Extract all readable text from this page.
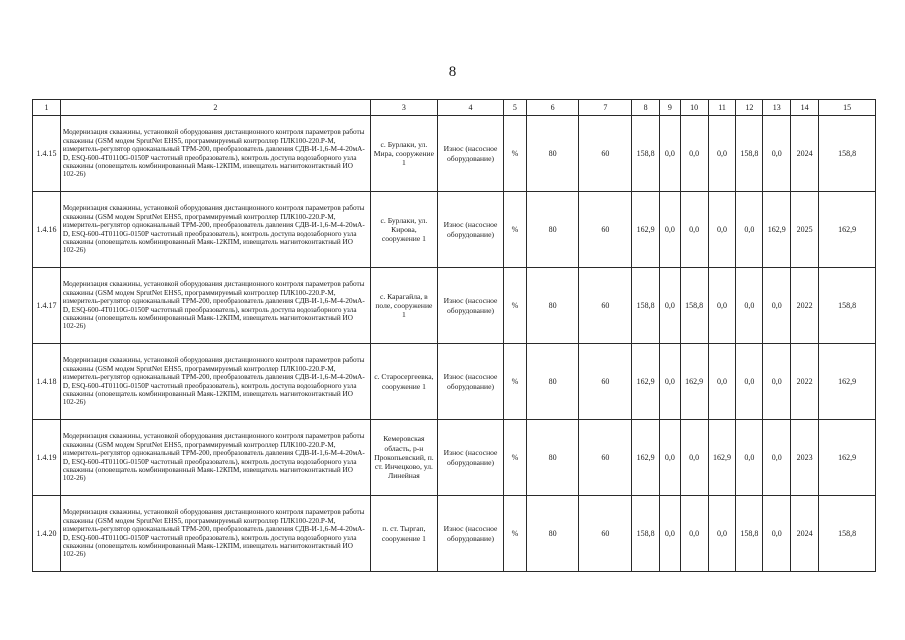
8
1	2	3	4	5	6	7	8	9	10	11	12	13	14	15
1.4.15	Модернизация скважины, установкой оборудования дистанционного контроля параметров работы скважины (GSM модем SprutNet EHS5, программируемый контроллер ПЛК100-220.Р-М, измеритель-регулятор одноканальный ТРМ-200, преобразователь давления СДВ-И-1,6-М-4-20мА-D, ESQ-600-4Т0110G-0150Р частотный преобразователь), контроль доступа водозаборного узла скважины (оповещатель комбинированный Маяк-12КПМ, извещатель магнитоконтактный ИО 102-26)	с. Бурлаки, ул. Мира, сооружение 1	Износ (насосное оборудование)	%	80	60	158,8	0,0	0,0	0,0	158,8	0,0	2024	158,8
1.4.16	Модернизация скважины, установкой оборудования дистанционного контроля параметров работы скважины (GSM модем SprutNet EHS5, программируемый контроллер ПЛК100-220.Р-М, измеритель-регулятор одноканальный ТРМ-200, преобразователь давления СДВ-И-1,6-М-4-20мА-D, ESQ-600-4Т0110G-0150Р частотный преобразователь), контроль доступа водозаборного узла скважины (оповещатель комбинированный Маяк-12КПМ, извещатель магнитоконтактный ИО 102-26)	с. Бурлаки, ул. Кирова, сооружение 1	Износ (насосное оборудование)	%	80	60	162,9	0,0	0,0	0,0	0,0	162,9	2025	162,9
1.4.17	Модернизация скважины, установкой оборудования дистанционного контроля параметров работы скважины (GSM модем SprutNet EHS5, программируемый контроллер ПЛК100-220.Р-М, измеритель-регулятор одноканальный ТРМ-200, преобразователь давления СДВ-И-1,6-М-4-20мА-D, ESQ-600-4Т0110G-0150Р частотный преобразователь), контроль доступа водозаборного узла скважины (оповещатель комбинированный Маяк-12КПМ, извещатель магнитоконтактный ИО 102-26)	с. Карагайла, в поле, сооружение 1	Износ (насосное оборудование)	%	80	60	158,8	0,0	158,8	0,0	0,0	0,0	2022	158,8
1.4.18	Модернизация скважины, установкой оборудования дистанционного контроля параметров работы скважины (GSM модем SprutNet EHS5, программируемый контроллер ПЛК100-220.Р-М, измеритель-регулятор одноканальный ТРМ-200, преобразователь давления СДВ-И-1,6-М-4-20мА-D, ESQ-600-4Т0110G-0150Р частотный преобразователь), контроль доступа водозаборного узла скважины (оповещатель комбинированный Маяк-12КПМ, извещатель магнитоконтактный ИО 102-26)	с. Староcергеевка, сооружение 1	Износ (насосное оборудование)	%	80	60	162,9	0,0	162,9	0,0	0,0	0,0	2022	162,9
1.4.19	Модернизация скважины, установкой оборудования дистанционного контроля параметров работы скважины (GSM модем SprutNet EHS5, программируемый контроллер ПЛК100-220.Р-М, измеритель-регулятор одноканальный ТРМ-200, преобразователь давления СДВ-И-1,6-М-4-20мА-D, ESQ-600-4Т0110G-0150Р частотный преобразователь), контроль доступа водозаборного узла скважины (оповещатель комбинированный Маяк-12КПМ, извещатель магнитоконтактный ИО 102-26)	Кемеровская область, р-н Прокопьевский, п. ст. Инчецково, ул. Линейная	Износ (насосное оборудование)	%	80	60	162,9	0,0	0,0	162,9	0,0	0,0	2023	162,9
1.4.20	Модернизация скважины, установкой оборудования дистанционного контроля параметров работы скважины (GSM модем SprutNet EHS5, программируемый контроллер ПЛК100-220.Р-М, измеритель-регулятор одноканальный ТРМ-200, преобразователь давления СДВ-И-1,6-М-4-20мА-D, ESQ-600-4Т0110G-0150Р частотный преобразователь), контроль доступа водозаборного узла скважины (оповещатель комбинированный Маяк-12КПМ, извещатель магнитоконтактный ИО 102-26)	п. ст. Тыргап, сооружение 1	Износ (насосное оборудование)	%	80	60	158,8	0,0	0,0	0,0	158,8	0,0	2024	158,8
